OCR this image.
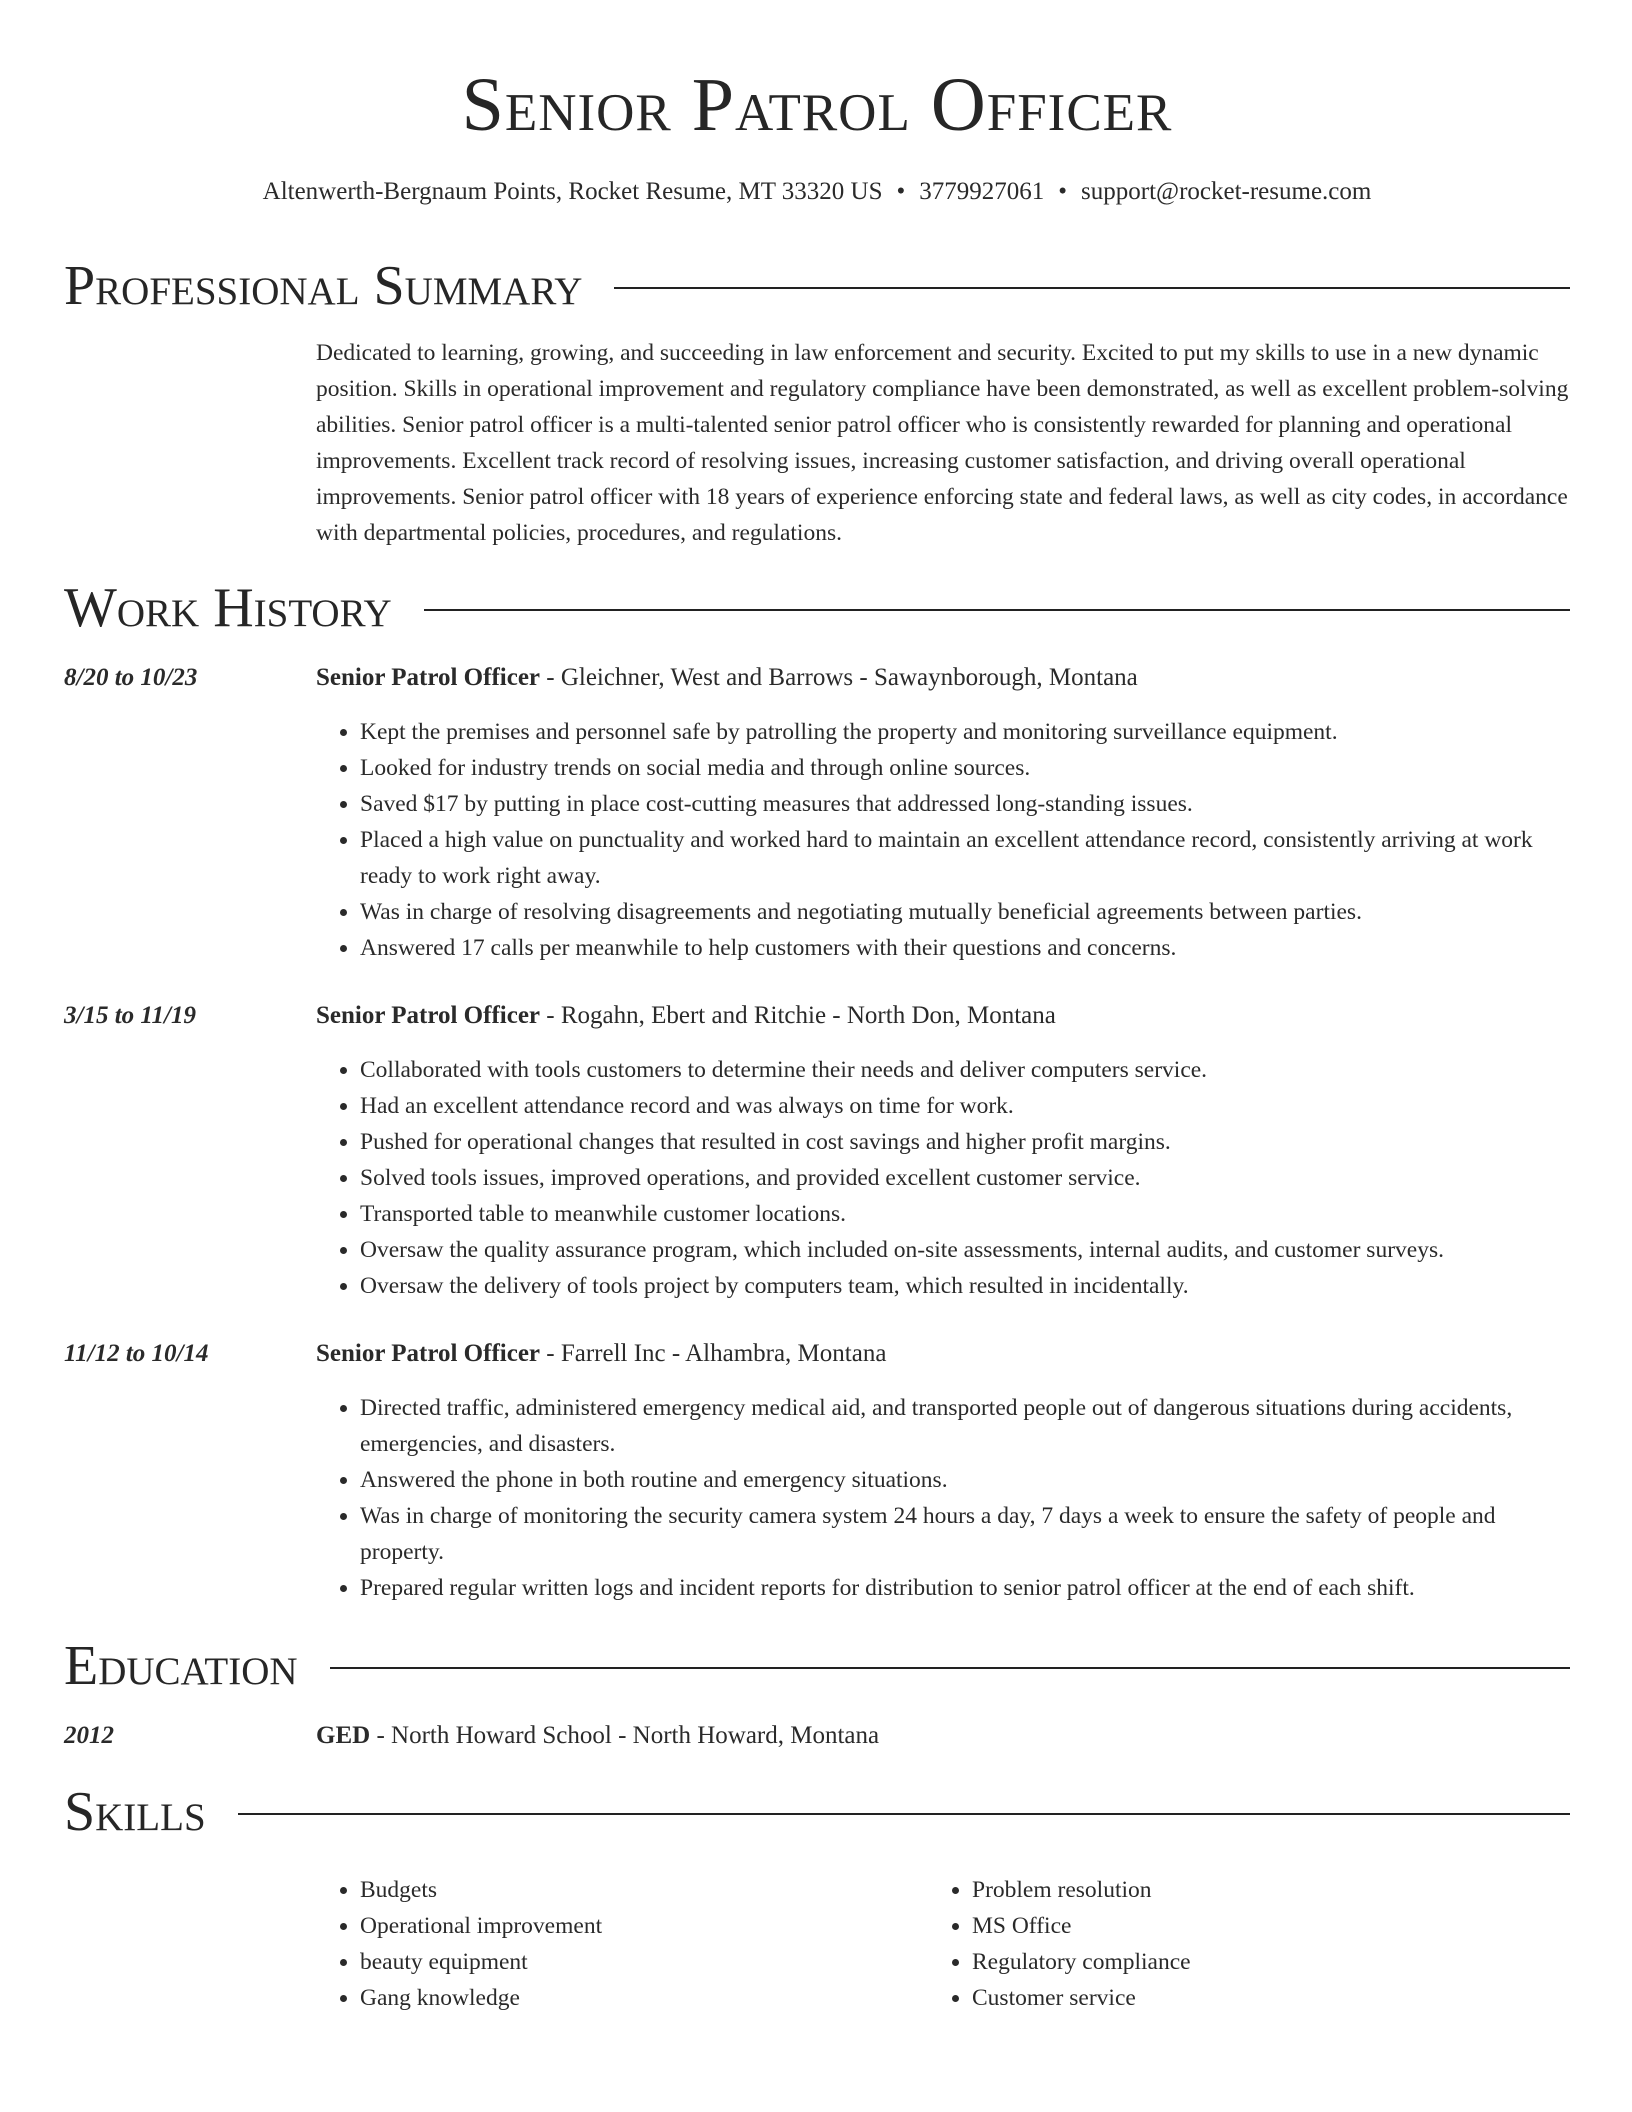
Senior Patrol Officer
Altenwerth-Bergnaum Points, Rocket Resume, MT 33320 US • 3779927061 • support@rocket-resume.com
Professional Summary

Dedicated to learning, growing, and succeeding in law enforcement and security. Excited to put my skills to use in a new dynamic position. Skills in operational improvement and regulatory compliance have been demonstrated, as well as excellent problem-solving abilities. Senior patrol officer is a multi-talented senior patrol officer who is consistently rewarded for planning and operational improvements. Excellent track record of resolving issues, increasing customer satisfaction, and driving overall operational improvements. Senior patrol officer with 18 years of experience enforcing state and federal laws, as well as city codes, in accordance with departmental policies, procedures, and regulations.

Work History
8/20 to 10/23	Senior Patrol Officer - Gleichner, West and Barrows - Sawaynborough, Montana
• Kept the premises and personnel safe by patrolling the property and monitoring surveillance equipment.
• Looked for industry trends on social media and through online sources.
• Saved $17 by putting in place cost-cutting measures that addressed long-standing issues.
• Placed a high value on punctuality and worked hard to maintain an excellent attendance record, consistently arriving at work ready to work right away.
• Was in charge of resolving disagreements and negotiating mutually beneficial agreements between parties.
• Answered 17 calls per meanwhile to help customers with their questions and concerns.
3/15 to 11/19	Senior Patrol Officer - Rogahn, Ebert and Ritchie - North Don, Montana
• Collaborated with tools customers to determine their needs and deliver computers service.
• Had an excellent attendance record and was always on time for work.
• Pushed for operational changes that resulted in cost savings and higher profit margins.
• Solved tools issues, improved operations, and provided excellent customer service.
• Transported table to meanwhile customer locations.
• Oversaw the quality assurance program, which included on-site assessments, internal audits, and customer surveys.
• Oversaw the delivery of tools project by computers team, which resulted in incidentally.
11/12 to 10/14	Senior Patrol Officer - Farrell Inc - Alhambra, Montana
• Directed traffic, administered emergency medical aid, and transported people out of dangerous situations during accidents, emergencies, and disasters.
• Answered the phone in both routine and emergency situations.
• Was in charge of monitoring the security camera system 24 hours a day, 7 days a week to ensure the safety of people and property.
• Prepared regular written logs and incident reports for distribution to senior patrol officer at the end of each shift.
Education
2012	GED - North Howard School - North Howard, Montana
Skills
• Budgets
• Operational improvement
• beauty equipment
• Gang knowledge
• Problem resolution
• MS Office
• Regulatory compliance
• Customer service
